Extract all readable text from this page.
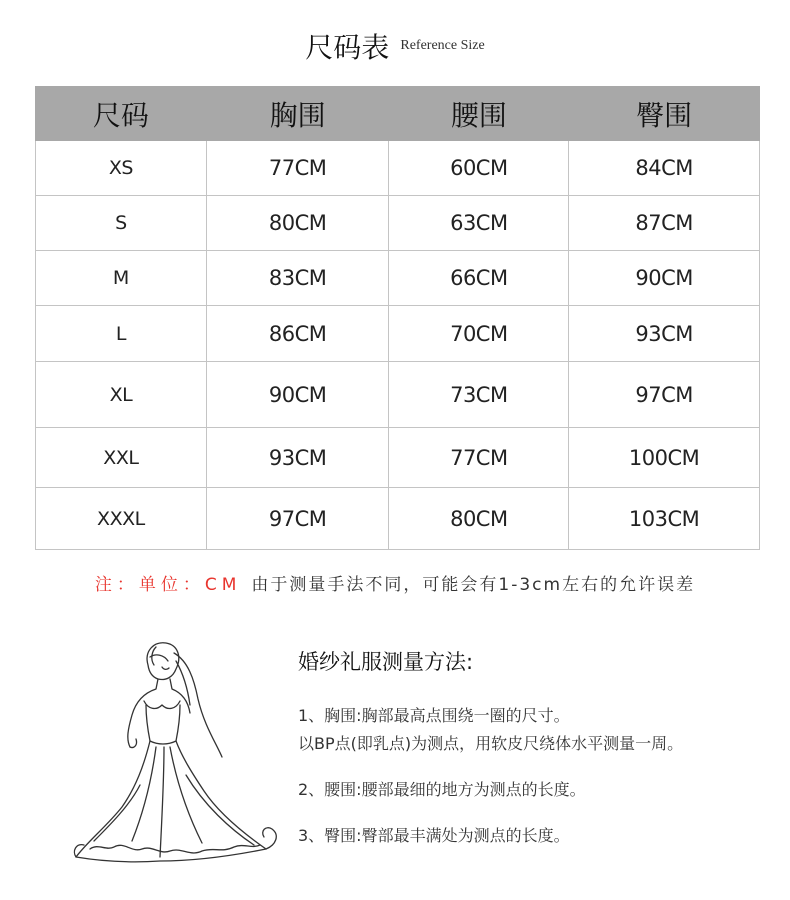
尺码表 Reference Size
尺码	胸围	腰围	臀围
XS	77CM	60CM	84CM
S	80CM	63CM	87CM
M	83CM	66CM	90CM
L	86CM	70CM	93CM
XL	90CM	73CM	97CM
XXL	93CM	77CM	100CM
XXXL	97CM	80CM	103CM
注：单位：CM 由于测量手法不同，可能会有1-3cm左右的允许误差
婚纱礼服测量方法:

1、胸围:胸部最高点围绕一圈的尺寸。
以BP点(即乳点)为测点，用软皮尺绕体水平测量一周。

2、腰围:腰部最细的地方为测点的长度。

3、臀围:臀部最丰满处为测点的长度。
